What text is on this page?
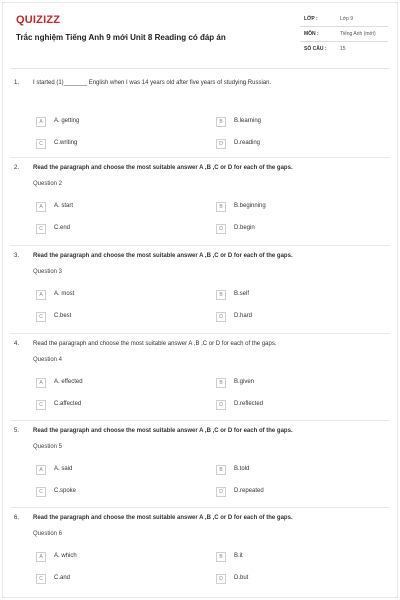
QUIZIZZ
Trắc nghiệm Tiếng Anh 9 mới Unit 8 Reading có đáp án
LỚP :	Lớp 9
MÔN :	Tiếng Anh (mới)
SỐ CÂU :	15
1. I started (1)_______ English when I was 14 years old after five years of studying Russian.
A	A. getting	B	B.learning
C	C.writing	D	D.reading
2. Read the paragraph and choose the most suitable answer A ,B ,C or D for each of the gaps.
Question 2
A	A. start	B	B.beginning
C	C.end	D	D.begin
3. Read the paragraph and choose the most suitable answer A ,B ,C or D for each of the gaps.
Question 3
A	A. most	B	B.self
C	C.best	D	D.hard
4. Read the paragraph and choose the most suitable answer A ,B ,C or D for each of the gaps.
Question 4
A	A. effected	B	B.given
C	C.affected	D	D.reflected
5. Read the paragraph and choose the most suitable answer A ,B ,C or D for each of the gaps.
Question 5
A	A. said	B	B.told
C	C.spoke	D	D.repeated
6. Read the paragraph and choose the most suitable answer A ,B ,C or D for each of the gaps.
Question 6
A	A. which	B	B.it
C	C.and	D	D.but
